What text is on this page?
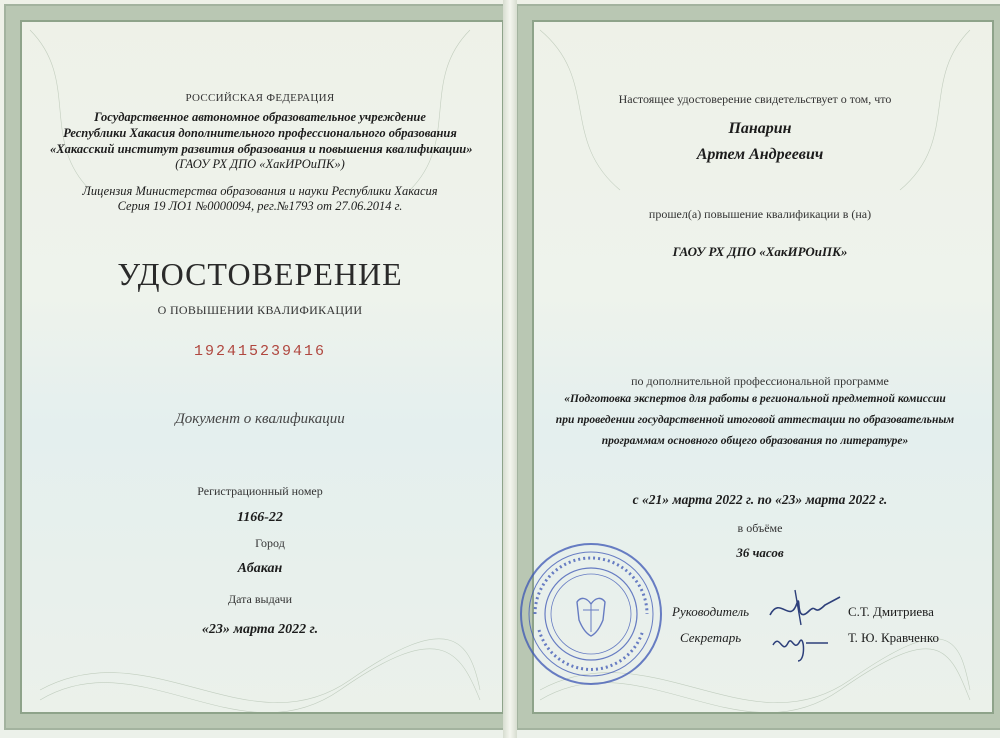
РОССИЙСКАЯ ФЕДЕРАЦИЯ
Государственное автономное образовательное учреждение
Республики Хакасия дополнительного профессионального образования
«Хакасский институт развития образования и повышения квалификации»
(ГАОУ РХ ДПО «ХакИРОиПК»)
Лицензия Министерства образования и науки Республики Хакасия
Серия 19 ЛО1 №0000094, рег.№1793 от 27.06.2014 г.
УДОСТОВЕРЕНИЕ
О ПОВЫШЕНИИ КВАЛИФИКАЦИИ
192415239416
Документ о квалификации
Регистрационный номер
1166-22
Город
Абакан
Дата выдачи
«23» марта 2022 г.
Настоящее удостоверение свидетельствует о том, что
Панарин
Артем Андреевич
прошел(а) повышение квалификации в (на)
ГАОУ РХ ДПО «ХакИРОиПК»
по дополнительной профессиональной программе
«Подготовка экспертов для работы в региональной предметной комиссии
при проведении государственной итоговой аттестации по образовательным
программам основного общего образования по литературе»
с «21» марта 2022 г. по «23» марта 2022 г.
в объёме
36 часов
Руководитель	С.Т. Дмитриева
Секретарь	Т. Ю. Кравченко
